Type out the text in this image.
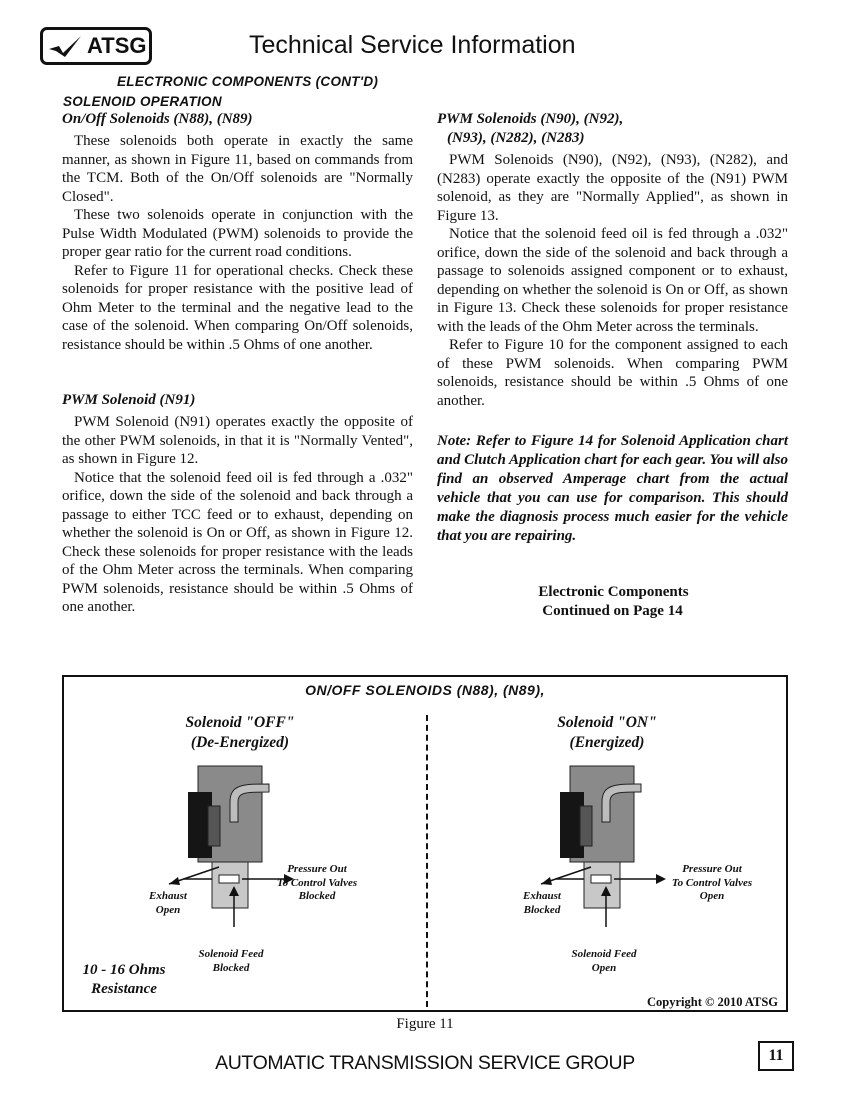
ATSG	Technical Service Information
ELECTRONIC COMPONENTS (CONT'D)
SOLENOID OPERATION
On/Off Solenoids (N88), (N89)

These solenoids both operate in exactly the same manner, as shown in Figure 11, based on commands from the TCM. Both of the On/Off solenoids are "Normally Closed".

These two solenoids operate in conjunction with the Pulse Width Modulated (PWM) solenoids to provide the proper gear ratio for the current road conditions.

Refer to Figure 11 for operational checks. Check these solenoids for proper resistance with the positive lead of Ohm Meter to the terminal and the negative lead to the case of the solenoid. When comparing On/Off solenoids, resistance should be within .5 Ohms of one another.

PWM Solenoid (N91)

PWM Solenoid (N91) operates exactly the opposite of the other PWM solenoids, in that it is "Normally Vented", as shown in Figure 12.

Notice that the solenoid feed oil is fed through a .032" orifice, down the side of the solenoid and back through a passage to either TCC feed or to exhaust, depending on whether the solenoid is On or Off, as shown in Figure 12. Check these solenoids for proper resistance with the leads of the Ohm Meter across the terminals. When comparing PWM solenoids, resistance should be within .5 Ohms of one another.

PWM Solenoids (N90), (N92),
(N93), (N282), (N283)

PWM Solenoids (N90), (N92), (N93), (N282), and (N283) operate exactly the opposite of the (N91) PWM solenoid, as they are "Normally Applied", as shown in Figure 13.

Notice that the solenoid feed oil is fed through a .032" orifice, down the side of the solenoid and back through a passage to solenoids assigned component or to exhaust, depending on whether the solenoid is On or Off, as shown in Figure 13. Check these solenoids for proper resistance with the leads of the Ohm Meter across the terminals.

Refer to Figure 10 for the component assigned to each of these PWM solenoids. When comparing PWM solenoids, resistance should be within .5 Ohms of one another.

Note: Refer to Figure 14 for Solenoid Application chart and Clutch Application chart for each gear. You will also find an observed Amperage chart from the actual vehicle that you can use for comparison. This should make the diagnosis process much easier for the vehicle that you are repairing.
Electronic Components
Continued on Page 14
ON/OFF SOLENOIDS (N88), (N89),
Solenoid "OFF"
(De-Energized)
Solenoid "ON"
(Energized)
Pressure Out
To Control Valves
Blocked
Exhaust
Open
Solenoid Feed
Blocked
10 - 16 Ohms
Resistance
Pressure Out
To Control Valves
Open
Exhaust
Blocked
Solenoid Feed
Open
Copyright © 2010 ATSG
Figure 11
AUTOMATIC TRANSMISSION SERVICE GROUP	11
